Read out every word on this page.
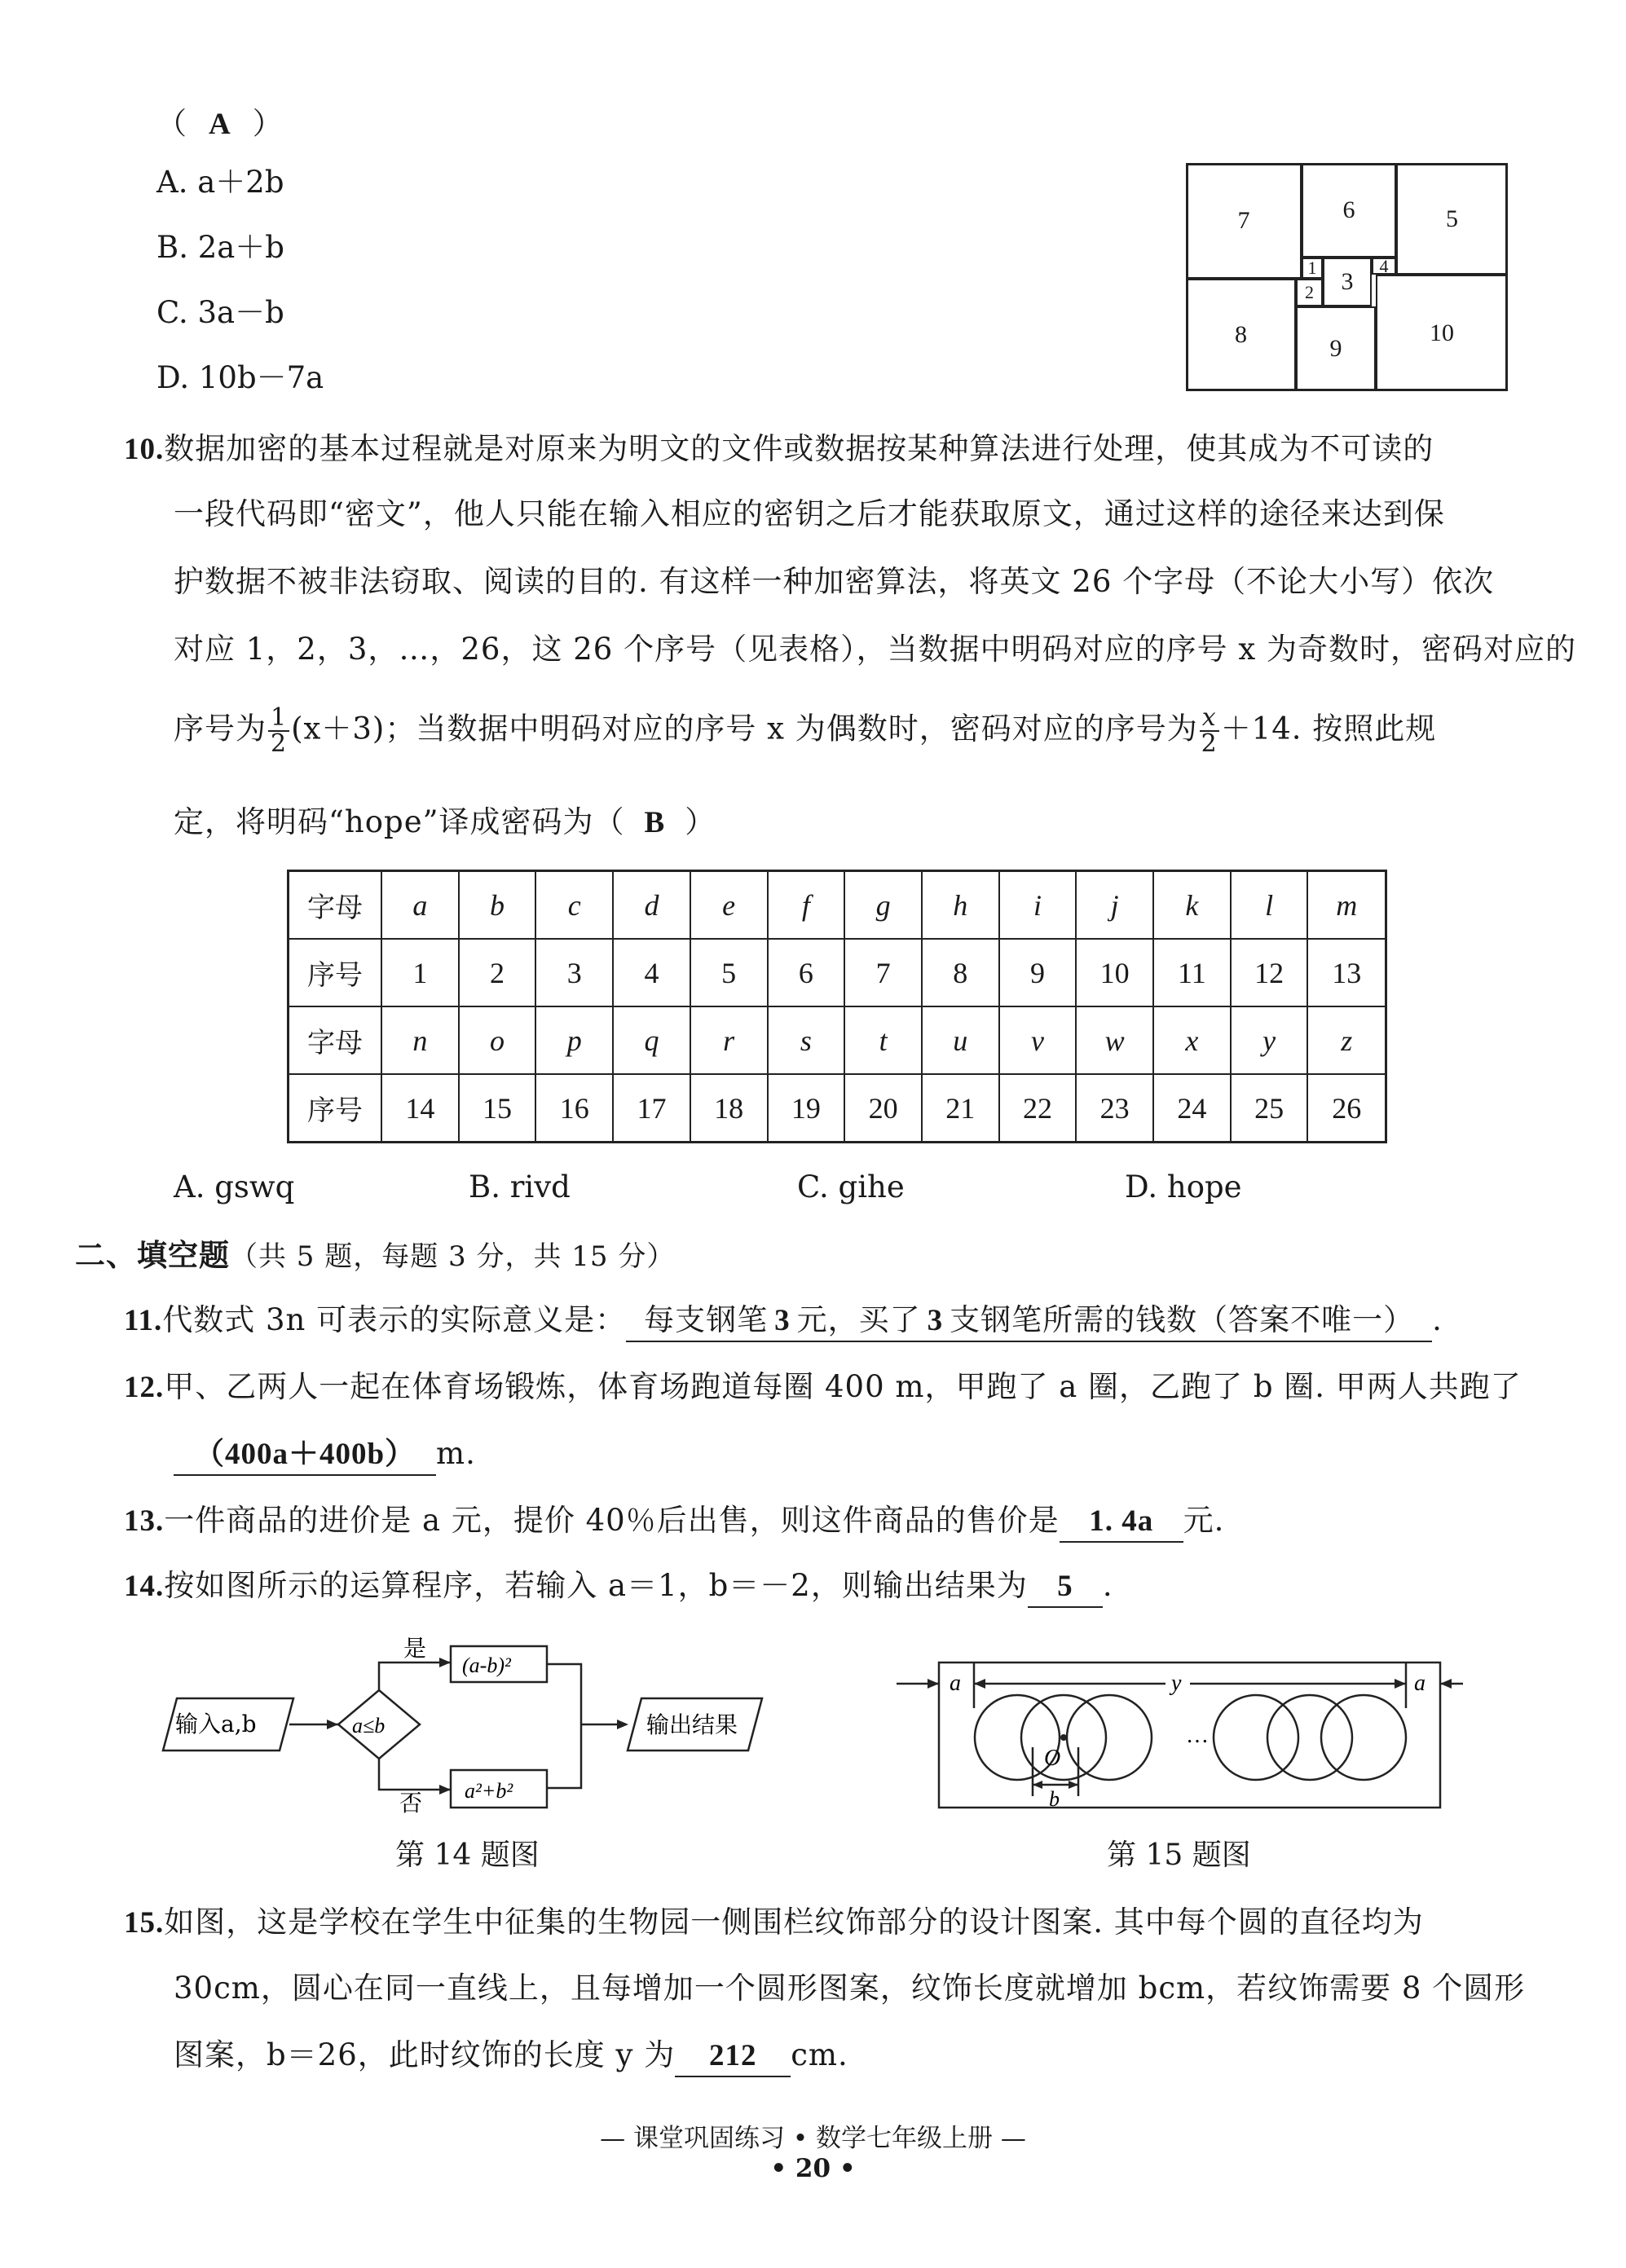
（ A ）
A. a＋2b
B. 2a＋b
C. 3a－b
D. 10b－7a
7	6	5
1
3
4
2
8
9
10
10.数据加密的基本过程就是对原来为明文的文件或数据按某种算法进行处理，使其成为不可读的
一段代码即“密文”，他人只能在输入相应的密钥之后才能获取原文，通过这样的途径来达到保
护数据不被非法窃取、阅读的目的. 有这样一种加密算法，将英文 26 个字母（不论大小写）依次
对应 1，2，3，…，26，这 26 个序号（见表格），当数据中明码对应的序号 x 为奇数时，密码对应的
序号为 $\frac{1}{2} (x+3)$；当数据中明码对应的序号 x 为偶数时，密码对应的序号为 $\frac{x}{2} +14$. 按照此规
定，将明码“hope”译成密码为（ B ）
字母	a	b	c	d	e	f	g	h	i	j	k	l	m
序号	1	2	3	4	5	6	7	8	9	10	11	12	13
字母	n	o	p	q	r	s	t	u	v	w	x	y	z
序号	14	15	16	17	18	19	20	21	22	23	24	25	26
A. gswq	B. rivd	C. gihe	D. hope
二、填空题（共 5 题，每题 3 分，共 15 分）
11.代数式 3n 可表示的实际意义是： 每支钢笔 3 元，买了 3 支钢笔所需的钱数（答案不唯一） .
12.甲、乙两人一起在体育场锻炼，体育场跑道每圈 400 m，甲跑了 a 圈，乙跑了 b 圈. 甲两人共跑了
（400a＋400b） m.
13.一件商品的进价是 a 元，提价 40％后出售，则这件商品的售价是 1. 4a 元.
14.按如图所示的运算程序，若输入 a＝1，b＝－2，则输出结果为 5 .
输入a,b	a≤b
是
否
(a-b)²
a²+b²
输出结果
第 14 题图
a	y	a
O
…
b
第 15 题图
15.如图，这是学校在学生中征集的生物园一侧围栏纹饰部分的设计图案. 其中每个圆的直径均为
30cm，圆心在同一直线上，且每增加一个圆形图案，纹饰长度就增加 bcm，若纹饰需要 8 个圆形
图案，b＝26，此时纹饰的长度 y 为 212 cm.
— 课堂巩固练习 • 数学七年级上册 —
• 20 •
